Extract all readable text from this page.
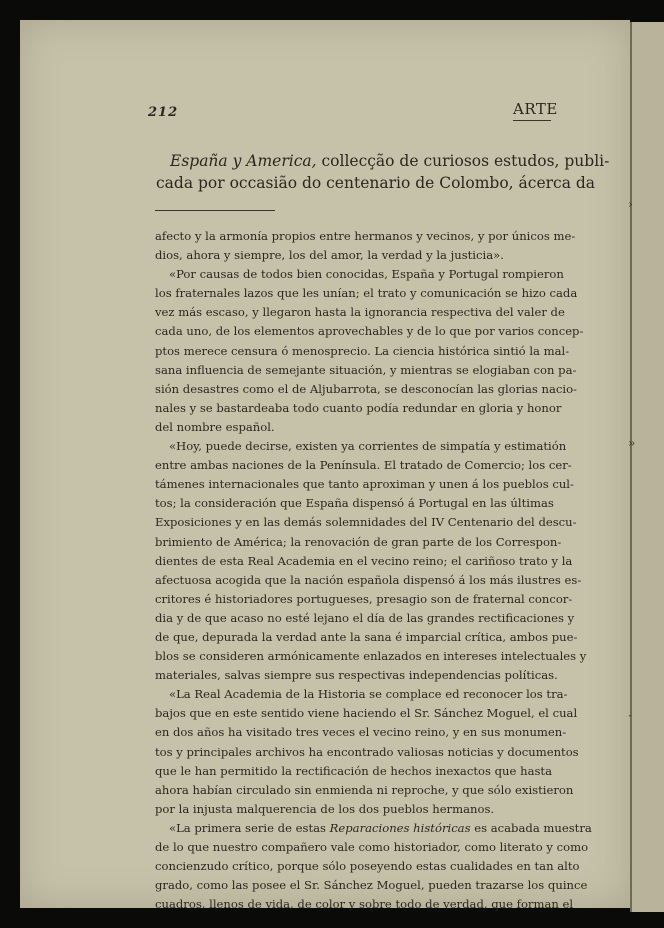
›
»
·
212	ARTE
España y America, collecção de curiosos estudos, publi-
cada por occasião do centenario de Colombo, ácerca da
afecto y la armonía propios entre hermanos y vecinos, y por únicos me-
dios, ahora y siempre, los del amor, la verdad y la justicia».
«Por causas de todos bien conocidas, España y Portugal rompieron
los fraternales lazos que les unían; el trato y comunicación se hizo cada
vez más escaso, y llegaron hasta la ignorancia respectiva del valer de
cada uno, de los elementos aprovechables y de lo que por varios concep-
ptos merece censura ó menosprecio. La ciencia histórica sintió la mal-
sana influencia de semejante situación, y mientras se elogiaban con pa-
sión desastres como el de Aljubarrota, se desconocían las glorias nacio-
nales y se bastardeaba todo cuanto podía redundar en gloria y honor
del nombre español.
«Hoy, puede decirse, existen ya corrientes de simpatía y estimatión
entre ambas naciones de la Península. El tratado de Comercio; los cer-
támenes internacionales que tanto aproximan y unen á los pueblos cul-
tos; la consideración que España dispensó á Portugal en las últimas
Exposiciones y en las demás solemnidades del IV Centenario del descu-
brimiento de América; la renovación de gran parte de los Correspon-
dientes de esta Real Academia en el vecino reino; el cariñoso trato y la
afectuosa acogida que la nación española dispensó á los más ilustres es-
critores é historiadores portugueses, presagio son de fraternal concor-
dia y de que acaso no esté lejano el día de las grandes rectificaciones y
de que, depurada la verdad ante la sana é imparcial crítica, ambos pue-
blos se consideren armónicamente enlazados en intereses intelectuales y
materiales, salvas siempre sus respectivas independencias políticas.
«La Real Academia de la Historia se complace ed reconocer los tra-
bajos que en este sentido viene haciendo el Sr. Sánchez Moguel, el cual
en dos años ha visitado tres veces el vecino reino, y en sus monumen-
tos y principales archivos ha encontrado valiosas noticias y documentos
que le han permitido la rectificación de hechos inexactos que hasta
ahora habían circulado sin enmienda ni reproche, y que sólo existieron
por la injusta malquerencia de los dos pueblos hermanos.
«La primera serie de estas Reparaciones históricas es acabada muestra
de lo que nuestro compañero vale como historiador, como literato y como
concienzudo crítico, porque sólo poseyendo estas cualidades en tan alto
grado, como las posee el Sr. Sánchez Moguel, pueden trazarse los quince
cuadros, llenos de vida, de color y sobre todo de verdad, que forman el
